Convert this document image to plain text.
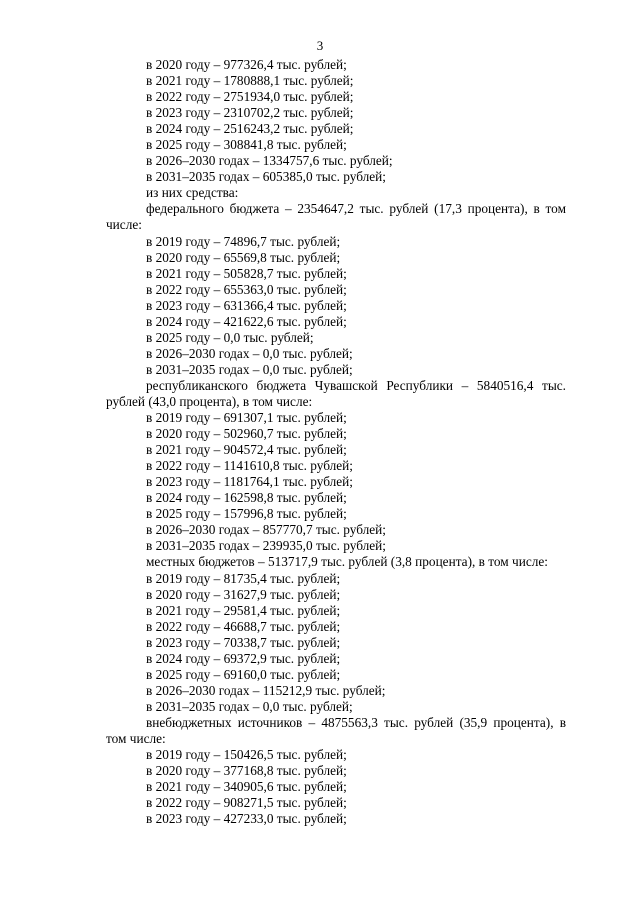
3
в 2020 году – 977326,4 тыс. рублей;
в 2021 году – 1780888,1 тыс. рублей;
в 2022 году – 2751934,0 тыс. рублей;
в 2023 году – 2310702,2 тыс. рублей;
в 2024 году – 2516243,2 тыс. рублей;
в 2025 году – 308841,8 тыс. рублей;
в 2026–2030 годах – 1334757,6 тыс. рублей;
в 2031–2035 годах – 605385,0 тыс. рублей;
из них средства:
федерального бюджета – 2354647,2 тыс. рублей (17,3 процента), в том числе:
в 2019 году – 74896,7 тыс. рублей;
в 2020 году – 65569,8 тыс. рублей;
в 2021 году – 505828,7 тыс. рублей;
в 2022 году – 655363,0 тыс. рублей;
в 2023 году – 631366,4 тыс. рублей;
в 2024 году – 421622,6 тыс. рублей;
в 2025 году – 0,0 тыс. рублей;
в 2026–2030 годах – 0,0 тыс. рублей;
в 2031–2035 годах – 0,0 тыс. рублей;
республиканского бюджета Чувашской Республики – 5840516,4 тыс. рублей (43,0 процента), в том числе:
в 2019 году – 691307,1 тыс. рублей;
в 2020 году – 502960,7 тыс. рублей;
в 2021 году – 904572,4 тыс. рублей;
в 2022 году – 1141610,8 тыс. рублей;
в 2023 году – 1181764,1 тыс. рублей;
в 2024 году – 162598,8 тыс. рублей;
в 2025 году – 157996,8 тыс. рублей;
в 2026–2030 годах – 857770,7 тыс. рублей;
в 2031–2035 годах – 239935,0 тыс. рублей;
местных бюджетов – 513717,9 тыс. рублей (3,8 процента), в том числе:
в 2019 году – 81735,4 тыс. рублей;
в 2020 году – 31627,9 тыс. рублей;
в 2021 году – 29581,4 тыс. рублей;
в 2022 году – 46688,7 тыс. рублей;
в 2023 году – 70338,7 тыс. рублей;
в 2024 году – 69372,9 тыс. рублей;
в 2025 году – 69160,0 тыс. рублей;
в 2026–2030 годах – 115212,9 тыс. рублей;
в 2031–2035 годах – 0,0 тыс. рублей;
внебюджетных источников – 4875563,3 тыс. рублей (35,9 процента), в том числе:
в 2019 году – 150426,5 тыс. рублей;
в 2020 году – 377168,8 тыс. рублей;
в 2021 году – 340905,6 тыс. рублей;
в 2022 году – 908271,5 тыс. рублей;
в 2023 году – 427233,0 тыс. рублей;
